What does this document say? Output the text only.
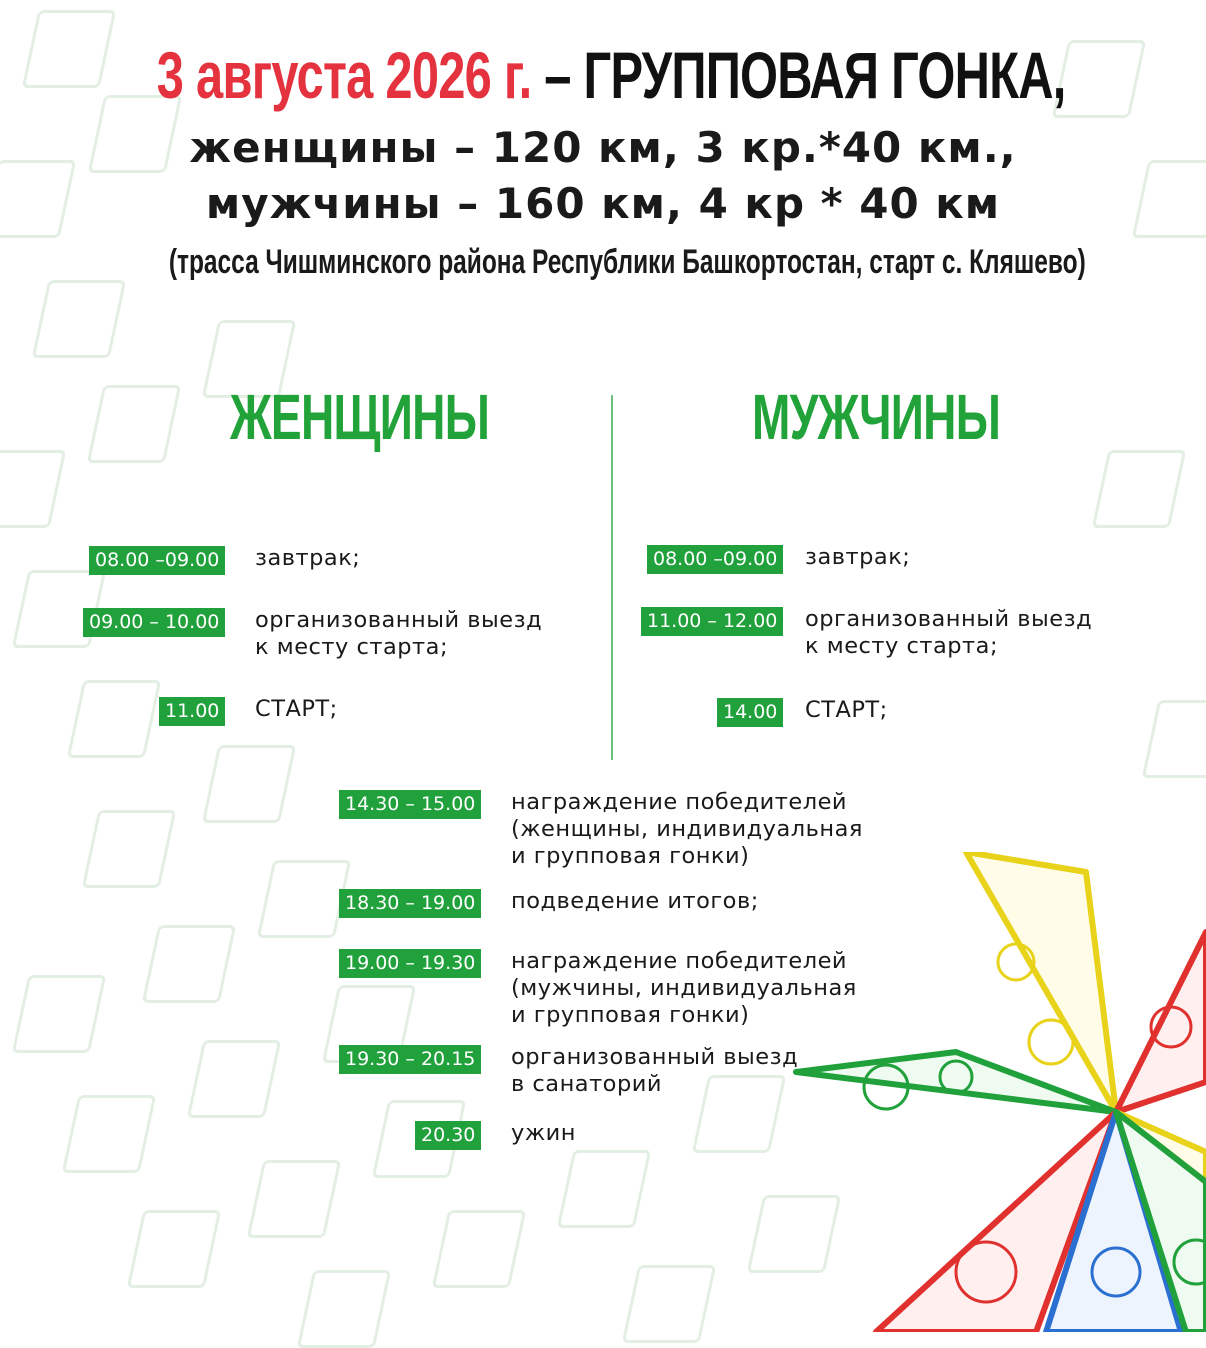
3 августа 2026 г. – ГРУППОВАЯ ГОНКА,
женщины – 120 км, 3 кр.*40 км.,
мужчины – 160 км, 4 кр * 40 км
(трасса Чишминского района Республики Башкортостан, старт с. Кляшево)
ЖЕНЩИНЫ	МУЖЧИНЫ
08.00 –09.00 завтрак;
09.00 – 10.00 организованный выезд
к месту старта;
11.00 СТАРТ;
08.00 –09.00 завтрак;
11.00 – 12.00 организованный выезд
к месту старта;
14.00 СТАРТ;
14.30 – 15.00 награждение победителей
(женщины, индивидуальная
и групповая гонки)
18.30 – 19.00 подведение итогов;
19.00 – 19.30 награждение победителей
(мужчины, индивидуальная
и групповая гонки)
19.30 – 20.15 организованный выезд
в санаторий
20.30 ужин
